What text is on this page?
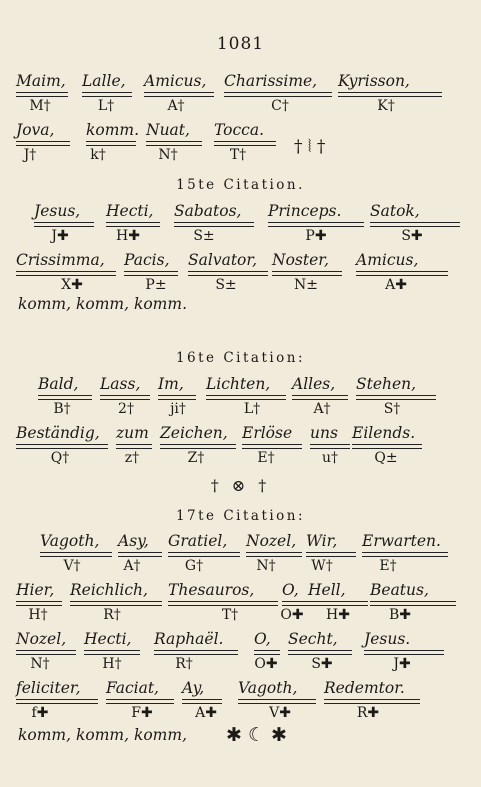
1081
Maim, Lalle, Amicus, Charissime, Kyrisson,
M†	L†	A†	C†	K†
Jova, komm. Nuat, Tocca.
J†	k†	N†	T†	† ⦚ †
15te Citation.
Jesus, Hecti, Sabatos, Princeps. Satok,
J✚	H✚	S±	P✚	S✚
Crissimma, Pacis, Salvator, Noster, Amicus,
X✚	P±	S±	N±	A✚
komm, komm, komm.
16te Citation:
Bald, Lass, Im, Lichten, Alles, Stehen,
B†	2†	ji†	L†	A†	S†
Beständig, zum Zeichen, Erlöse uns Eilends.
Q†	z†	Z†	E†	u†	Q±
† ⊗ †
17te Citation:
Vagoth, Asy, Gratiel, Nozel, Wir, Erwarten.
V†	A†	G†	N†	W†	E†
Hier, Reichlich, Thesauros, O, Hell, Beatus,
H†	R†	T†	O✚ H✚	B✚
Nozel, Hecti, Raphaël. O, Secht, Jesus.
N†	H†	R†	O✚ S✚	J✚
feliciter, Faciat, Ay, Vagoth, Redemtor.
f✚	F✚	A✚	V✚	R✚
komm, komm, komm, ✱ ☾ ✱
